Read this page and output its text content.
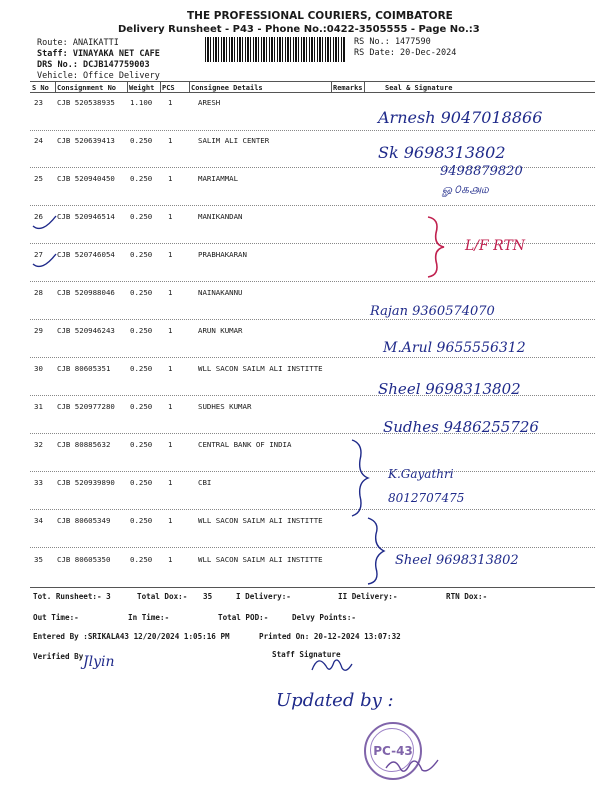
THE PROFESSIONAL COURIERS, COIMBATORE
Delivery Runsheet - P43 - Phone No.:0422-3505555 - Page No.:3
Route: ANAIKATTI
Staff: VINAYAKA NET CAFE
DRS No.: DCJB147759003
Vehicle: Office Delivery
RS No.: 1477590
RS Date: 20-Dec-2024
S No Consignment No Weight PCS Consignee Details	Remarks	Seal & Signature
23 CJB 520538935 1.100 1	ARESH
Arnesh 9047018866
24 CJB 520639413 0.250 1	SALIM ALI CENTER
Sk 9698313802
25 CJB 520940450 0.250 1	MARIAMMAL	9498879820
ௐ௦௧௮௰
26 CJB 520946514 0.250 1	MANIKANDAN
27 CJB 520746054 0.250 1	PRABHAKARAN
L/F RTN
28 CJB 520988046 0.250 1	NAINAKANNU
29 CJB 520946243 0.250 1	ARUN KUMAR
Rajan 9360574070
30 CJB 80605351	0.250 1	WLL SACON SAILM ALI INSTITTE
M.Arul 9655556312
31 CJB 520977280 0.250 1	SUDHES KUMAR
Sheel 9698313802
32 CJB 80885632	0.250 1	CENTRAL BANK OF INDIA
Sudhes 9486255726
33 CJB 520939890 0.250 1	CBI
K.Gayathri 8012707475
34 CJB 80605349	0.250 1	WLL SACON SAILM ALI INSTITTE
35 CJB 80605350	0.250 1	WLL SACON SAILM ALI INSTITTE	Sheel 9698313802
Tot. Runsheet:- 3	Total Dox:- 35	I Delivery:-	II Delivery:-	RTN Dox:-
Out Time:-	In Time:-	Total POD:-	Delvy Points:-
Entered By :SRIKALA43 12/20/2024 1:05:16 PM	Printed On: 20-12-2024 13:07:32
Verified By Jlyin	Staff Signature
Updated by :
PC-43
